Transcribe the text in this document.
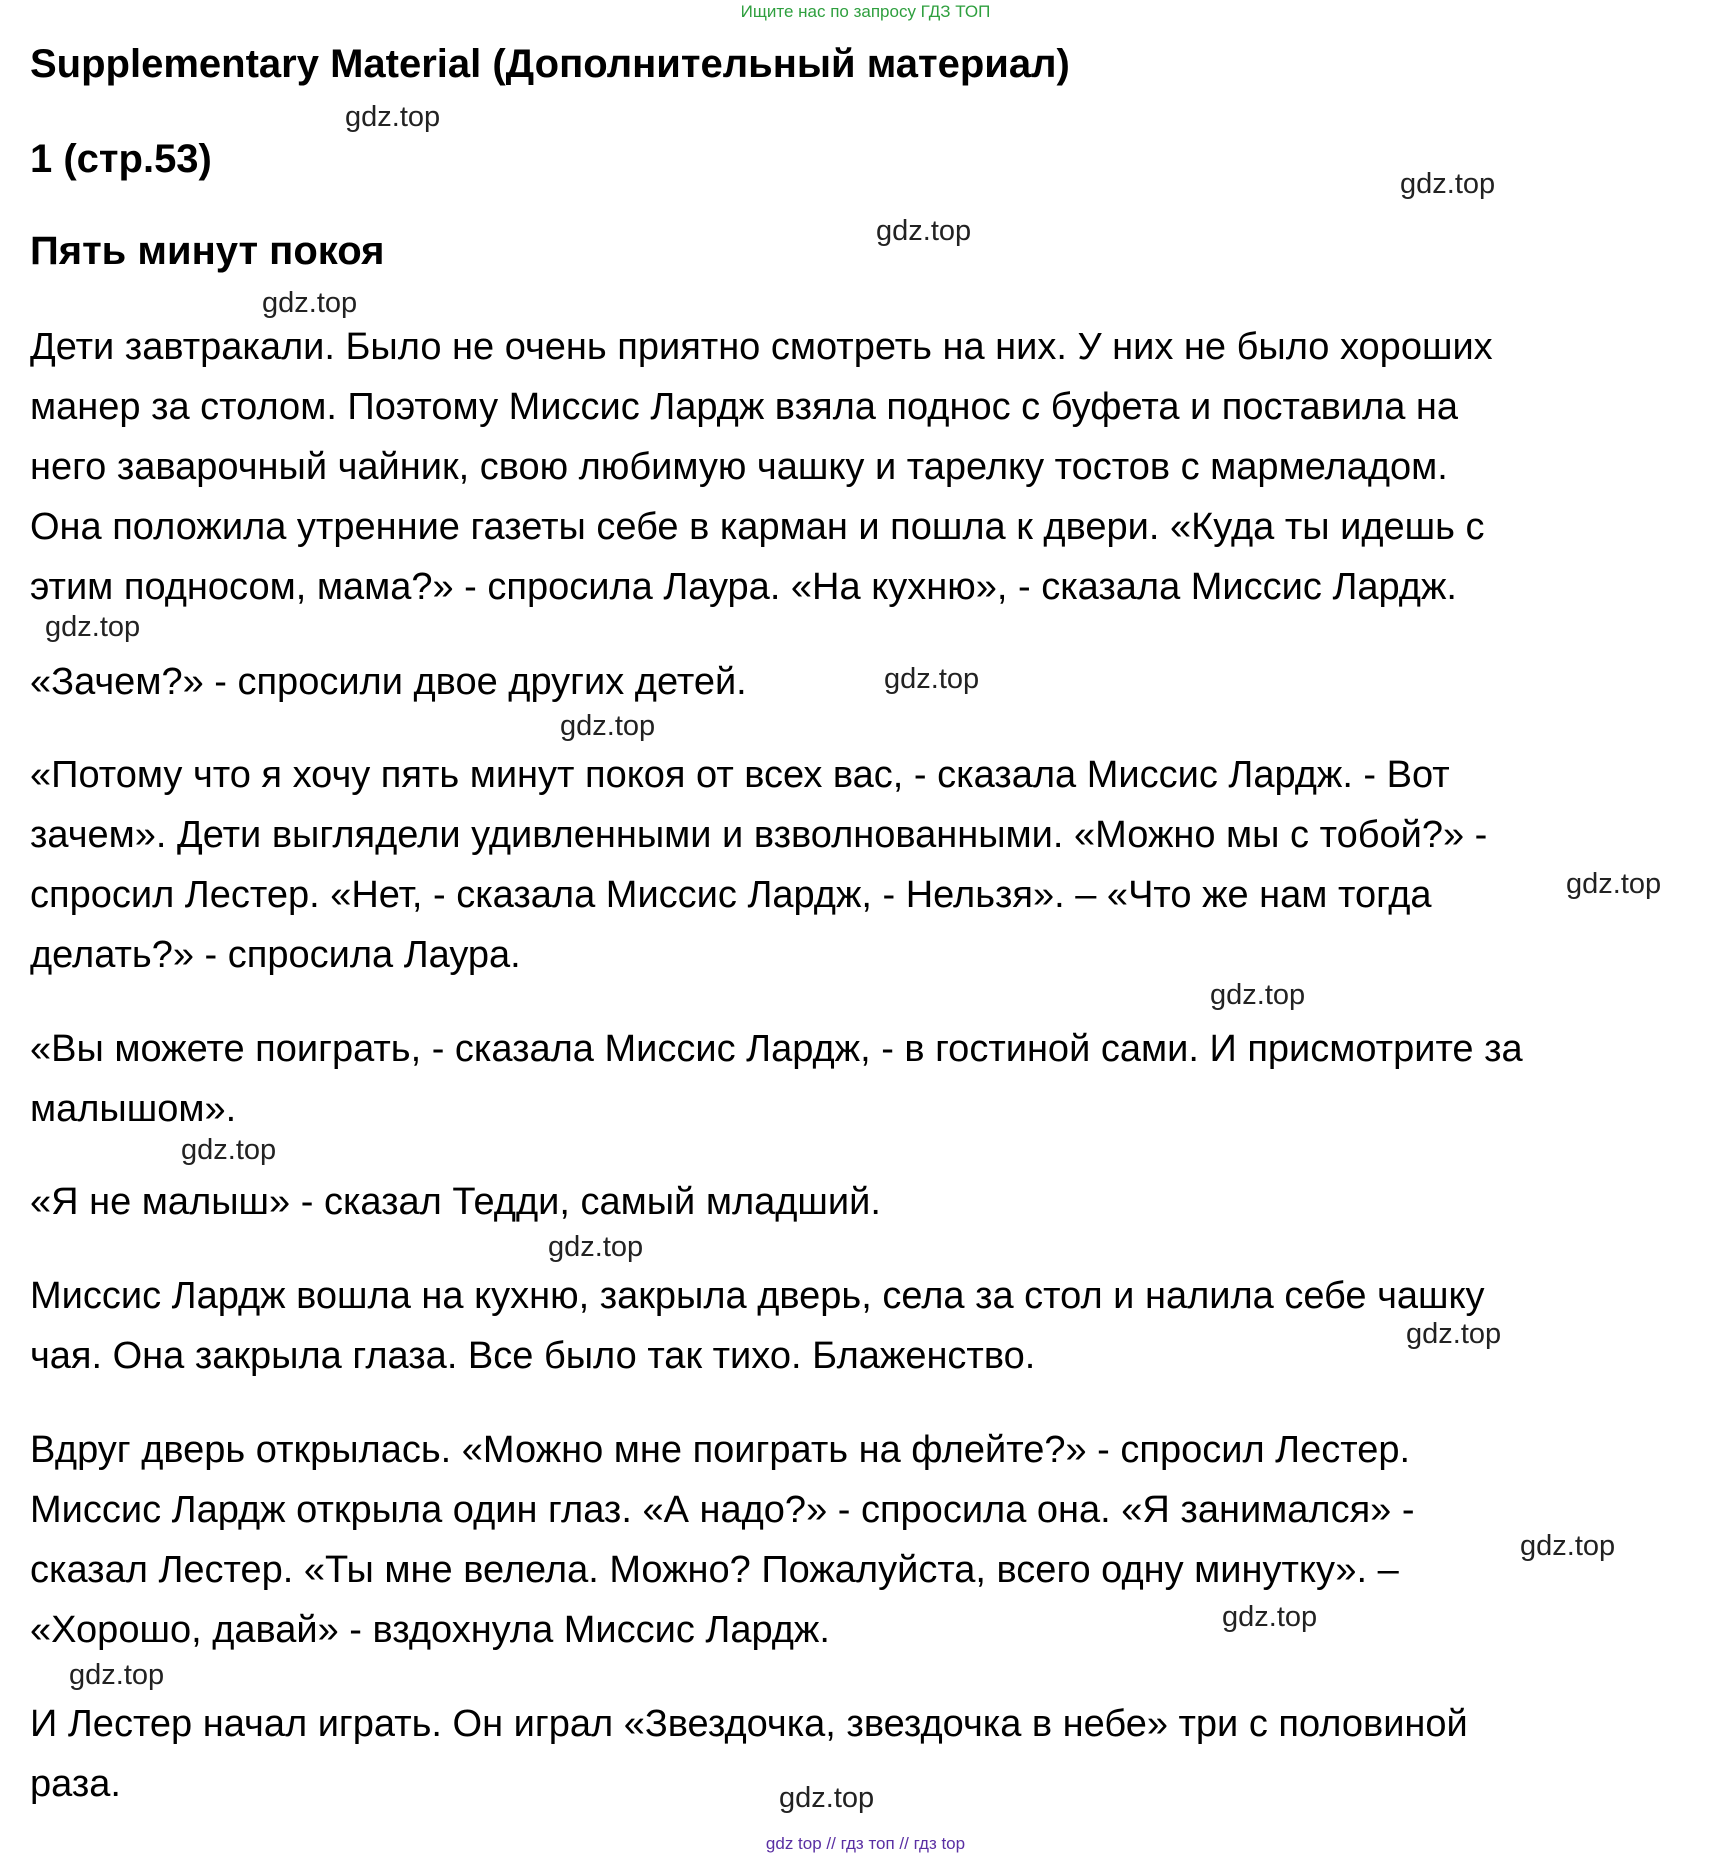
Ищите нас по запросу ГДЗ ТОП
Supplementary Material (Дополнительный материал)
1 (стр.53)
Пять минут покоя
Дети завтракали. Было не очень приятно смотреть на них. У них не было хороших
манер за столом. Поэтому Миссис Лардж взяла поднос с буфета и поставила на
него заварочный чайник, свою любимую чашку и тарелку тостов с мармеладом.
Она положила утренние газеты себе в карман и пошла к двери. «Куда ты идешь с
этим подносом, мама?» - спросила Лаура. «На кухню», - сказала Миссис Лардж.
«Зачем?» - спросили двое других детей.
«Потому что я хочу пять минут покоя от всех вас, - сказала Миссис Лардж. - Вот
зачем». Дети выглядели удивленными и взволнованными. «Можно мы с тобой?» -
спросил Лестер. «Нет, - сказала Миссис Лардж, - Нельзя». – «Что же нам тогда
делать?» - спросила Лаура.
«Вы можете поиграть, - сказала Миссис Лардж, - в гостиной сами. И присмотрите за
малышом».
«Я не малыш» - сказал Тедди, самый младший.
Миссис Лардж вошла на кухню, закрыла дверь, села за стол и налила себе чашку
чая. Она закрыла глаза. Все было так тихо. Блаженство.
Вдруг дверь открылась. «Можно мне поиграть на флейте?» - спросил Лестер.
Миссис Лардж открыла один глаз. «А надо?» - спросила она. «Я занимался» -
сказал Лестер. «Ты мне велела. Можно? Пожалуйста, всего одну минутку». –
«Хорошо, давай» - вздохнула Миссис Лардж.
И Лестер начал играть. Он играл «Звездочка, звездочка в небе» три с половиной
раза.
gdz.top
gdz.top
gdz.top
gdz.top
gdz.top
gdz.top
gdz.top
gdz.top
gdz.top
gdz.top
gdz.top
gdz.top
gdz.top
gdz.top
gdz.top
gdz.top
gdz top // гдз топ // гдз top
